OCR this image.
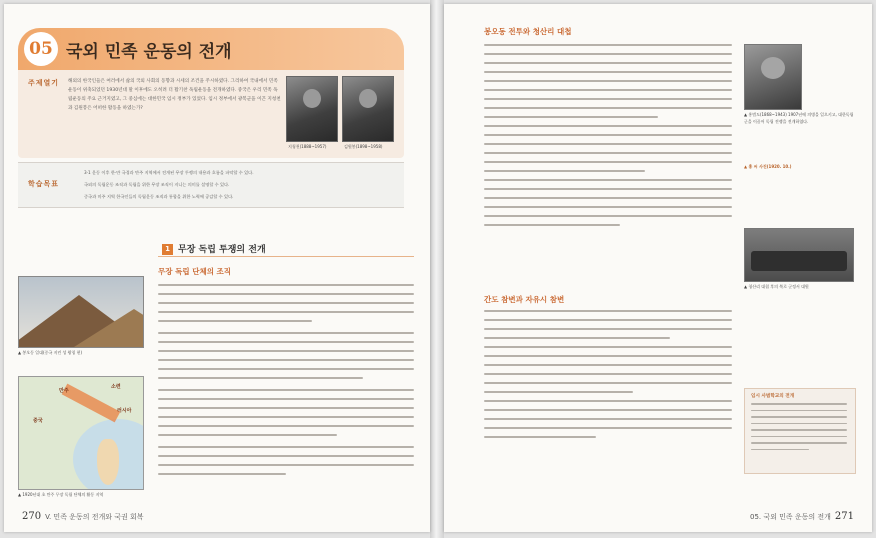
05 국외 민족 운동의 전개
주제열기 해외의 한국인들은 여러에서 삶의 국외 사회의 동향과 시세의 조건을 주시하였다. 그리하여 국내에서 민족 운동이 위축되었던 1930년대 말 이후에도 오히려 더 활기찬 독립운동을 전개하였다. 중국은 우리 민족 독립운동의 주요 근거지였고, 그 중심에는 대한민국 임시 정부가 있었다. 임시 정부에서 광복군을 이끈 지청천과 김원봉은 어떠한 활동을 하였는가?
지청천(1888~1957)	김원봉(1898~1958)
학습목표
3·1 운동 이후 한·만 국경과 만주 지역에서 전개된 무장 투쟁의 내용과 흐름을 파악할 수 있다.
국외의 독립운동 조직과 독립을 위한 무장 조직이 지니는 의미를 설명할 수 있다.
중국과 미주 지역 한국인들의 독립운동 조직과 통합을 위한 노력에 공감할 수 있다.
1 무장 독립 투쟁의 전개
무장 독립 단체의 조직
▲ 봉오동 일대(중국 지린 성 왕칭 현)
소련
중국
만주
러시아
▲ 1920년대 초 만주 무장 독립 단체의 활동 지역
270 V. 민족 운동의 전개와 국권 회복
봉오동 전투와 청산리 대첩
간도 참변과 자유시 참변
▲ 홍범도(1868~1943) 1907년에 의병을 일으키고, 대한독립군을 이끌어 독립 전쟁을 전개하였다.
▲ 홍 씨 사진(1920. 10.)
▲ 청산리 대첩 후의 북로 군정서 대원
임시 사범학교의 전개
05. 국외 민족 운동의 전개 271
